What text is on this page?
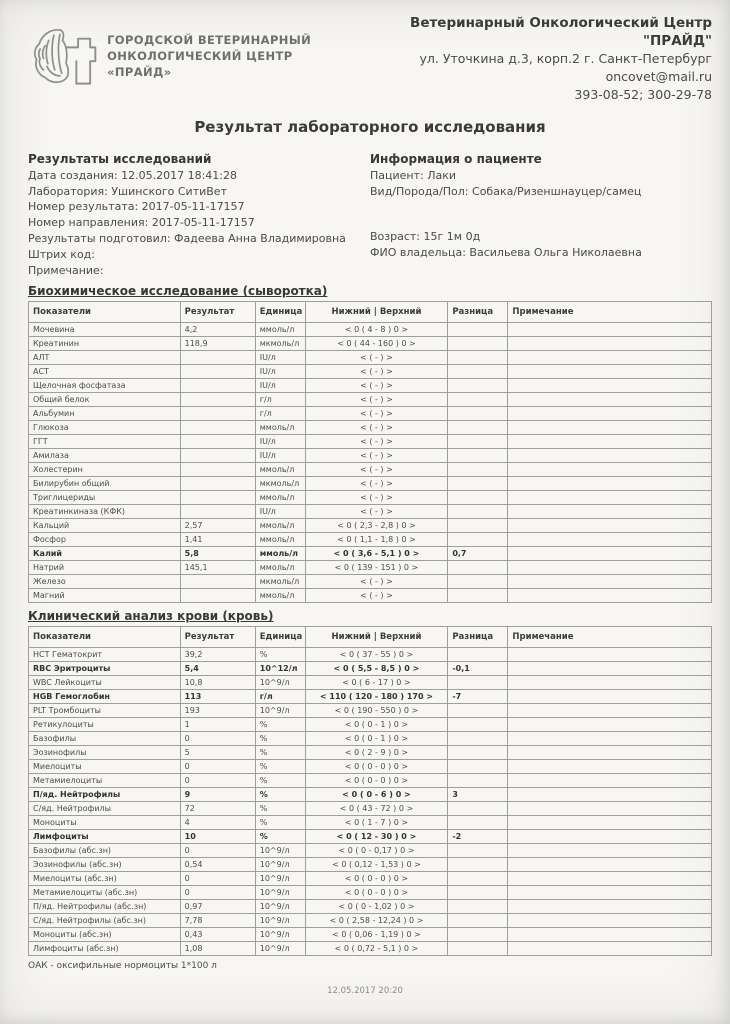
ГОРОДСКОЙ ВЕТЕРИНАРНЫЙ
ОНКОЛОГИЧЕСКИЙ ЦЕНТР «ПРАЙД»
Ветеринарный Онкологический Центр "ПРАЙД"
ул. Уточкина д.3, корп.2 г. Санкт-Петербург
oncovet@mail.ru
393-08-52; 300-29-78
Результат лабораторного исследования
Результаты исследований
Дата создания: 12.05.2017 18:41:28
Лаборатория: Ушинского СитиВет
Номер результата: 2017-05-11-17157
Номер направления: 2017-05-11-17157
Результаты подготовил: Фадеева Анна Владимировна
Штрих код:
Примечание:
Информация о пациенте
Пациент: Лаки
Вид/Порода/Пол: Собака/Ризеншнауцер/самец
Возраст: 15г 1м 0д
ФИО владельца: Васильева Ольга Николаевна
Биохимическое исследование (сыворотка)
Показатели	Результат	Единица	Нижний | Верхний	Разница	Примечание
Мочевина	4,2	ммоль/л	< 0 ( 4 - 8 ) 0 >		
Креатинин	118,9	мкмоль/л	< 0 ( 44 - 160 ) 0 >		
АЛТ		IU/л	< ( - ) >		
АСТ		IU/л	< ( - ) >		
Щелочная фосфатаза		IU/л	< ( - ) >		
Общий белок		г/л	< ( - ) >		
Альбумин		г/л	< ( - ) >		
Глюкоза		ммоль/л	< ( - ) >		
ГГТ		IU/л	< ( - ) >		
Амилаза		IU/л	< ( - ) >		
Холестерин		ммоль/л	< ( - ) >		
Билирубин общий		мкмоль/л	< ( - ) >		
Триглицериды		ммоль/л	< ( - ) >		
Креатинкиназа (КФК)		IU/л	< ( - ) >		
Кальций	2,57	ммоль/л	< 0 ( 2,3 - 2,8 ) 0 >		
Фосфор	1,41	ммоль/л	< 0 ( 1,1 - 1,8 ) 0 >		
Калий	5,8	ммоль/л	< 0 ( 3,6 - 5,1 ) 0 >	0,7	
Натрий	145,1	ммоль/л	< 0 ( 139 - 151 ) 0 >		
Железо		мкмоль/л	< ( - ) >		
Магний		ммоль/л	< ( - ) >		
Клинический анализ крови (кровь)
Показатели	Результат	Единица	Нижний | Верхний	Разница	Примечание
HCT Гематокрит	39,2	%	< 0 ( 37 - 55 ) 0 >		
RBC Эритроциты	5,4	10^12/л	< 0 ( 5,5 - 8,5 ) 0 >	-0,1	
WBC Лейкоциты	10,8	10^9/л	< 0 ( 6 - 17 ) 0 >		
HGB Гемоглобин	113	г/л	< 110 ( 120 - 180 ) 170 >	-7	
PLT Тромбоциты	193	10^9/л	< 0 ( 190 - 550 ) 0 >		
Ретикулоциты	1	%	< 0 ( 0 - 1 ) 0 >		
Базофилы	0	%	< 0 ( 0 - 1 ) 0 >		
Эозинофилы	5	%	< 0 ( 2 - 9 ) 0 >		
Миелоциты	0	%	< 0 ( 0 - 0 ) 0 >		
Метамиелоциты	0	%	< 0 ( 0 - 0 ) 0 >		
П/яд. Нейтрофилы	9	%	< 0 ( 0 - 6 ) 0 >	3	
С/яд. Нейтрофилы	72	%	< 0 ( 43 - 72 ) 0 >		
Моноциты	4	%	< 0 ( 1 - 7 ) 0 >		
Лимфоциты	10	%	< 0 ( 12 - 30 ) 0 >	-2	
Базофилы (абс.зн)	0	10^9/л	< 0 ( 0 - 0,17 ) 0 >		
Эозинофилы (абс.зн)	0,54	10^9/л	< 0 ( 0,12 - 1,53 ) 0 >		
Миелоциты (абс.зн)	0	10^9/л	< 0 ( 0 - 0 ) 0 >		
Метамиелоциты (абс.зн)	0	10^9/л	< 0 ( 0 - 0 ) 0 >		
П/яд. Нейтрофилы (абс.зн)	0,97	10^9/л	< 0 ( 0 - 1,02 ) 0 >		
С/яд. Нейтрофилы (абс.зн)	7,78	10^9/л	< 0 ( 2,58 - 12,24 ) 0 >		
Моноциты (абс.зн)	0,43	10^9/л	< 0 ( 0,06 - 1,19 ) 0 >		
Лимфоциты (абс.зн)	1,08	10^9/л	< 0 ( 0,72 - 5,1 ) 0 >		
ОАК - оксифильные нормоциты 1*100 л
12.05.2017 20:20
